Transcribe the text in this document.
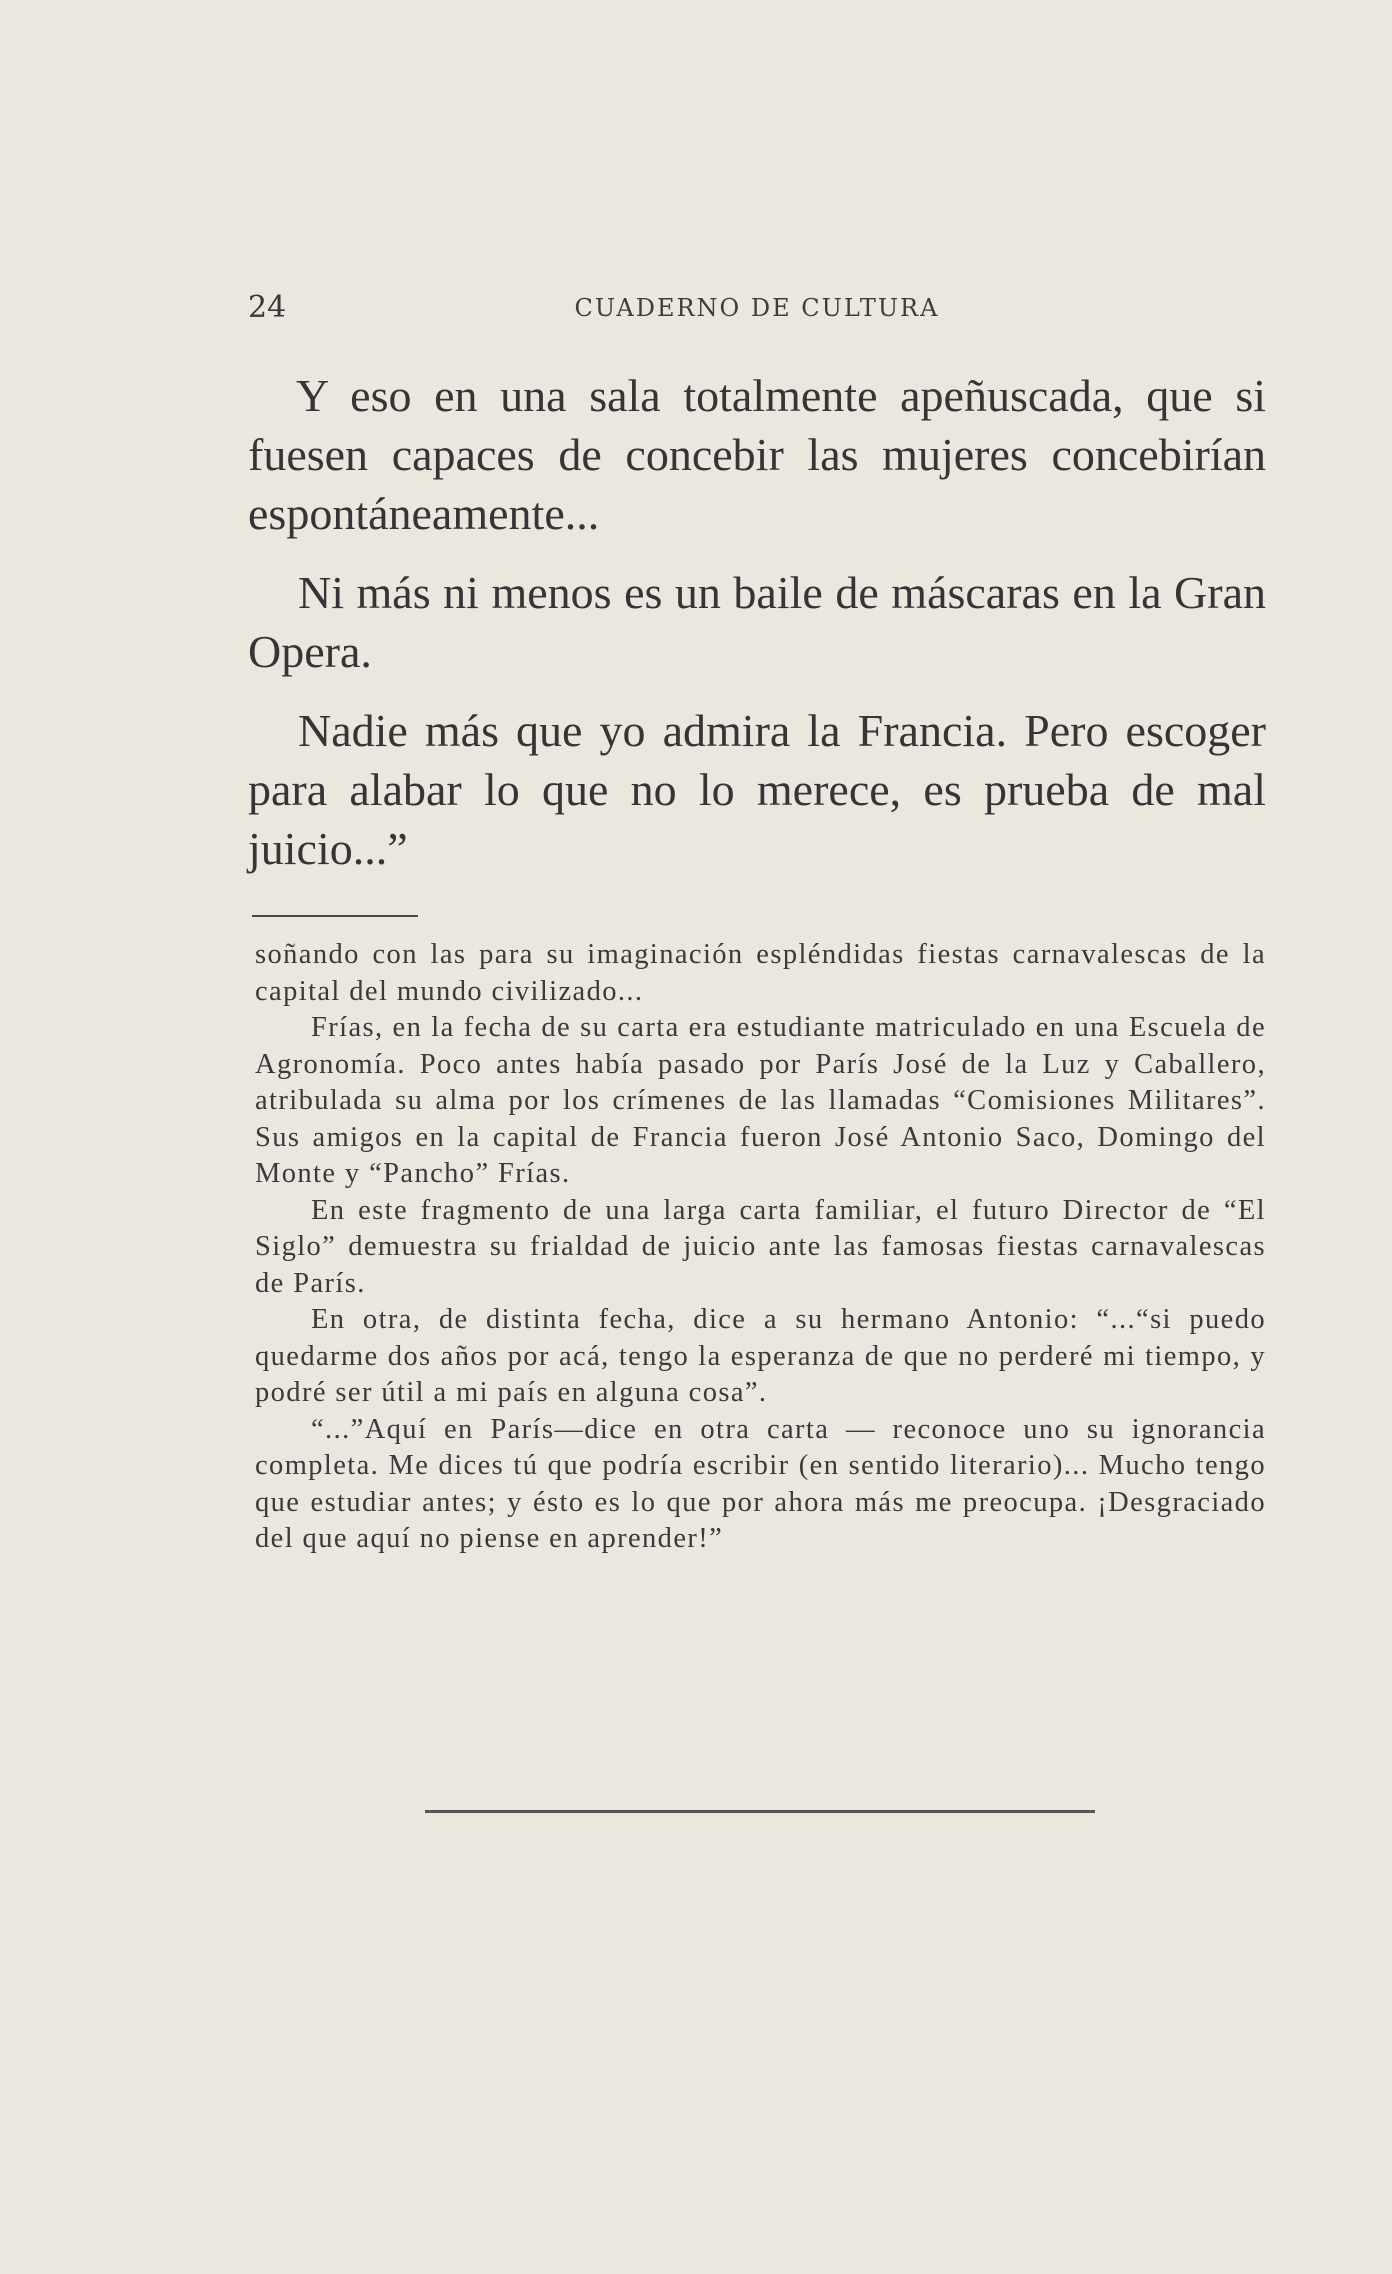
24	CUADERNO DE CULTURA

Y eso en una sala totalmente apeñuscada, que si fuesen capaces de concebir las mujeres concebirían espontáneamente...

Ni más ni menos es un baile de máscaras en la Gran Opera.

Nadie más que yo admira la Francia. Pero escoger para alabar lo que no lo merece, es prueba de mal juicio...”

soñando con las para su imaginación espléndidas fiestas carnavalescas de la capital del mundo civilizado...

Frías, en la fecha de su carta era estudiante matriculado en una Escuela de Agronomía. Poco antes había pasado por París José de la Luz y Caballero, atribulada su alma por los crímenes de las llamadas “Comisiones Militares”. Sus amigos en la capital de Francia fueron José Antonio Saco, Domingo del Monte y “Pancho” Frías.

En este fragmento de una larga carta familiar, el futuro Director de “El Siglo” demuestra su frialdad de juicio ante las famosas fiestas carnavalescas de París.

En otra, de distinta fecha, dice a su hermano Antonio: “...“si puedo quedarme dos años por acá, tengo la esperanza de que no perderé mi tiempo, y podré ser útil a mi país en alguna cosa”.

“...”Aquí en París—dice en otra carta — reconoce uno su ignorancia completa. Me dices tú que podría escribir (en sentido literario)... Mucho tengo que estudiar antes; y ésto es lo que por ahora más me preocupa. ¡Desgraciado del que aquí no piense en aprender!”
